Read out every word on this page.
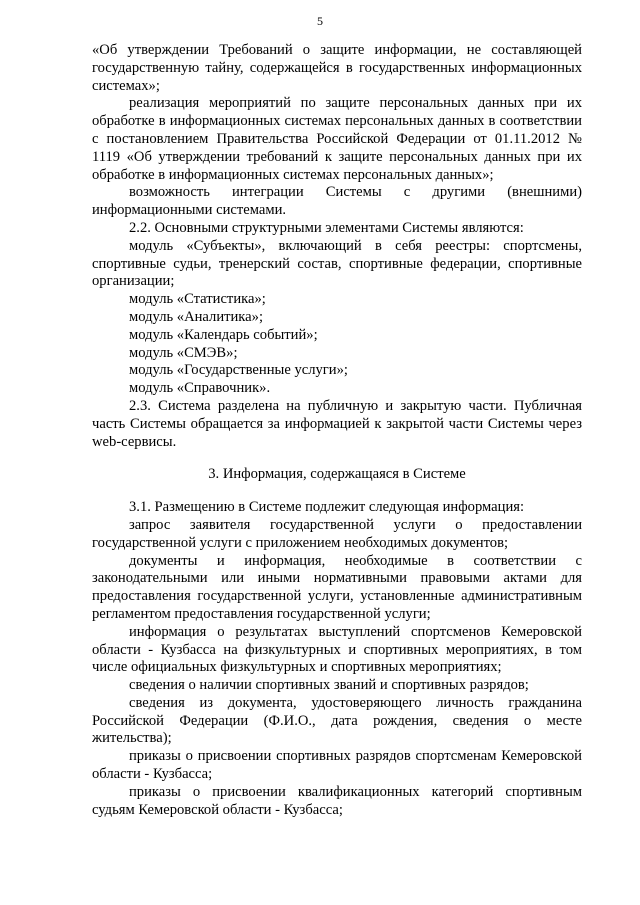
5

«Об утверждении Требований о защите информации, не составляющей государственную тайну, содержащейся в государственных информационных системах»;

реализация мероприятий по защите персональных данных при их обработке в информационных системах персональных данных в соответствии с постановлением Правительства Российской Федерации от 01.11.2012 № 1119 «Об утверждении требований к защите персональных данных при их обработке в информационных системах персональных данных»;

возможность интеграции Системы с другими (внешними) информационными системами.

2.2. Основными структурными элементами Системы являются:

модуль «Субъекты», включающий в себя реестры: спортсмены, спортивные судьи, тренерский состав, спортивные федерации, спортивные организации;

модуль «Статистика»;

модуль «Аналитика»;

модуль «Календарь событий»;

модуль «СМЭВ»;

модуль «Государственные услуги»;

модуль «Справочник».

2.3. Система разделена на публичную и закрытую части. Публичная часть Системы обращается за информацией к закрытой части Системы через web-сервисы.

3. Информация, содержащаяся в Системе

3.1. Размещению в Системе подлежит следующая информация:

запрос заявителя государственной услуги о предоставлении государственной услуги с приложением необходимых документов;

документы и информация, необходимые в соответствии с законодательными или иными нормативными правовыми актами для предоставления государственной услуги, установленные административным регламентом предоставления государственной услуги;

информация о результатах выступлений спортсменов Кемеровской области - Кузбасса на физкультурных и спортивных мероприятиях, в том числе официальных физкультурных и спортивных мероприятиях;

сведения о наличии спортивных званий и спортивных разрядов;

сведения из документа, удостоверяющего личность гражданина Российской Федерации (Ф.И.О., дата рождения, сведения о месте жительства);

приказы о присвоении спортивных разрядов спортсменам Кемеровской области - Кузбасса;

приказы о присвоении квалификационных категорий спортивным судьям Кемеровской области - Кузбасса;
